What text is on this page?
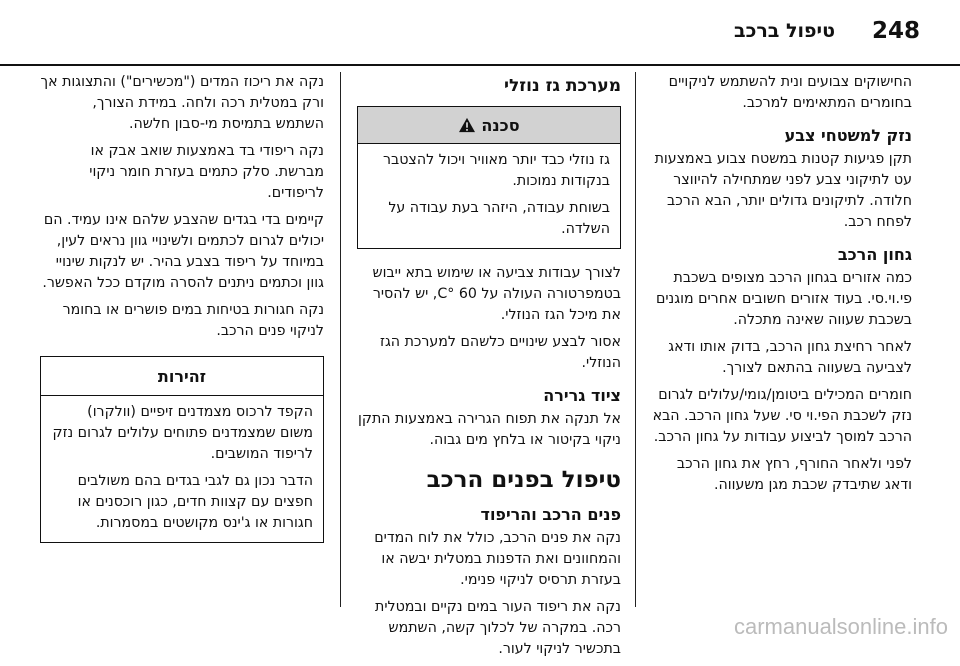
248
טיפול ברכב

החישוקים צבועים ונית להשתמש לניקויים בחומרים המתאימים למרכב.

נזק למשטחי צבע

תקן פגיעות קטנות במשטח צבוע באמצעות עט לתיקוני צבע לפני שמתחילה להיווצר חלודה. לתיקונים גדולים יותר, הבא הרכב לפחח רכב.

גחון הרכב

כמה אזורים בגחון הרכב מצופים בשכבת פי.וי.סי. בעוד אזורים חשובים אחרים מוגנים בשכבת שעווה שאינה מתכלה.

לאחר רחיצת גחון הרכב, בדוק אותו ודאג לצביעה בשעווה בהתאם לצורך.

חומרים המכילים ביטומן/גומי/עלולים לגרום נזק לשכבת הפי.וי סי. שעל גחון הרכב. הבא הרכב למוסך לביצוע עבודות על גחון הרכב.

לפני ולאחר החורף, רחץ את גחון הרכב ודאג שתיבדק שכבת מגן משעווה.

מערכת גז נוזלי
סכנה

גז נוזלי כבד יותר מאוויר ויכול להצטבר בנקודות נמוכות.

בשוחת עבודה, היזהר בעת עבודה על השלדה.

לצורך עבודות צביעה או שימוש בתא ייבוש בטמפרטורה העולה על 60 °C, יש להסיר את מיכל הגז הנוזלי.

אסור לבצע שינויים כלשהם למערכת הגז הנוזלי.

ציוד גרירה

אל תנקה את תפוח הגרירה באמצעות התקן ניקוי בקיטור או בלחץ מים גבוה.

טיפול בפנים הרכב
פנים הרכב והריפוד

נקה את פנים הרכב, כולל את לוח המדים והמחוונים ואת הדפנות במטלית יבשה או בעזרת תרסיס לניקוי פנימי.

נקה את ריפוד העור במים נקיים ובמטלית רכה. במקרה של לכלוך קשה, השתמש בתכשיר לניקוי לעור.

נקה את ריכוז המדים ("מכשירים") והתצוגות אך ורק במטלית רכה ולחה. במידת הצורך, השתמש בתמיסת מי-סבון חלשה.

נקה ריפודי בד באמצעות שואב אבק או מברשת. סלק כתמים בעזרת חומר ניקוי לריפודים.

קיימים בדי בגדים שהצבע שלהם אינו עמיד. הם יכולים לגרום לכתמים ולשינויי גוון נראים לעין, במיוחד על ריפוד בצבע בהיר. יש לנקות שינויי גוון וכתמים ניתנים להסרה מוקדם ככל האפשר.

נקה חגורות בטיחות במים פושרים או בחומר לניקוי פנים הרכב.

זהירות

הקפד לרכוס מצמדנים זיפיים (וולקרו) משום שמצמדנים פתוחים עלולים לגרום נזק לריפוד המושבים.

הדבר נכון גם לגבי בגדים בהם משולבים חפצים עם קצוות חדים, כגון רוכסנים או חגורות או ג'ינס מקושטים במסמרות.

carmanualsonline.info
